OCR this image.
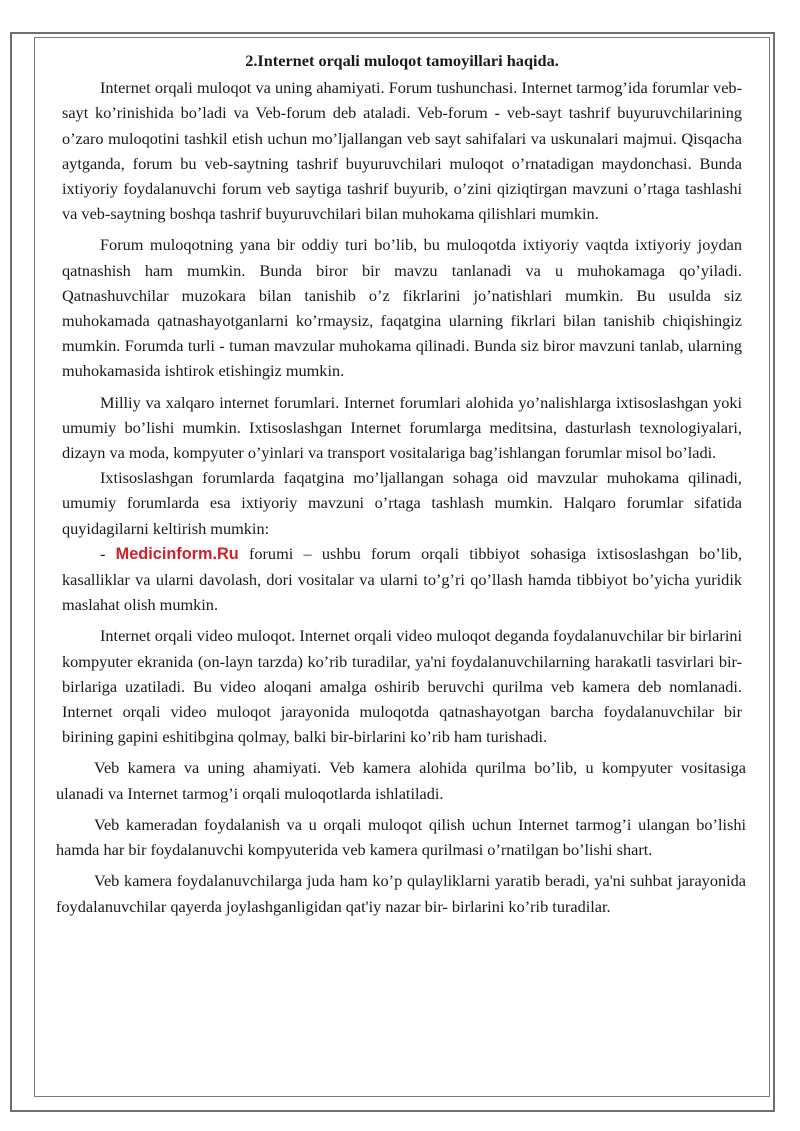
2.Internet orqali muloqot tamoyillari haqida.

Internet orqali muloqot va uning ahamiyati. Forum tushunchasi. Internet tarmog’ida forumlar veb-sayt ko’rinishida bo’ladi va Veb-forum deb ataladi. Veb-forum - veb-sayt tashrif buyuruvchilarining o’zaro muloqotini tashkil etish uchun mo’ljallangan veb sayt sahifalari va uskunalari majmui. Qisqacha aytganda, forum bu veb-saytning tashrif buyuruvchilari muloqot o’rnatadigan maydonchasi. Bunda ixtiyoriy foydalanuvchi forum veb saytiga tashrif buyurib, o’zini qiziqtirgan mavzuni o’rtaga tashlashi va veb-saytning boshqa tashrif buyuruvchilari bilan muhokama qilishlari mumkin.

Forum muloqotning yana bir oddiy turi bo’lib, bu muloqotda ixtiyoriy vaqtda ixtiyoriy joydan qatnashish ham mumkin. Bunda biror bir mavzu tanlanadi va u muhokamaga qo’yiladi. Qatnashuvchilar muzokara bilan tanishib o’z fikrlarini jo’natishlari mumkin. Bu usulda siz muhokamada qatnashayotganlarni ko’rmaysiz, faqatgina ularning fikrlari bilan tanishib chiqishingiz mumkin. Forumda turli - tuman mavzular muhokama qilinadi. Bunda siz biror mavzuni tanlab, ularning muhokamasida ishtirok etishingiz mumkin.

Milliy va xalqaro internet forumlari. Internet forumlari alohida yo’nalishlarga ixtisoslashgan yoki umumiy bo’lishi mumkin. Ixtisoslashgan Internet forumlarga meditsina, dasturlash texnologiyalari, dizayn va moda, kompyuter o’yinlari va transport vositalariga bag’ishlangan forumlar misol bo’ladi.

Ixtisoslashgan forumlarda faqatgina mo’ljallangan sohaga oid mavzular muhokama qilinadi, umumiy forumlarda esa ixtiyoriy mavzuni o’rtaga tashlash mumkin. Halqaro forumlar sifatida quyidagilarni keltirish mumkin:

- Medicinform.Ru forumi – ushbu forum orqali tibbiyot sohasiga ixtisoslashgan bo’lib, kasalliklar va ularni davolash, dori vositalar va ularni to’g’ri qo’llash hamda tibbiyot bo’yicha yuridik maslahat olish mumkin.

Internet orqali video muloqot. Internet orqali video muloqot deganda foydalanuvchilar bir birlarini kompyuter ekranida (on-layn tarzda) ko’rib turadilar, ya'ni foydalanuvchilarning harakatli tasvirlari bir- birlariga uzatiladi. Bu video aloqani amalga oshirib beruvchi qurilma veb kamera deb nomlanadi. Internet orqali video muloqot jarayonida muloqotda qatnashayotgan barcha foydalanuvchilar bir birining gapini eshitibgina qolmay, balki bir-birlarini ko’rib ham turishadi.

Veb kamera va uning ahamiyati. Veb kamera alohida qurilma bo’lib, u kompyuter vositasiga ulanadi va Internet tarmog’i orqali muloqotlarda ishlatiladi.

Veb kameradan foydalanish va u orqali muloqot qilish uchun Internet tarmog’i ulangan bo’lishi hamda har bir foydalanuvchi kompyuterida veb kamera qurilmasi o’rnatilgan bo’lishi shart.

Veb kamera foydalanuvchilarga juda ham ko’p qulayliklarni yaratib beradi, ya'ni suhbat jarayonida foydalanuvchilar qayerda joylashganligidan qat'iy nazar bir- birlarini ko’rib turadilar.
